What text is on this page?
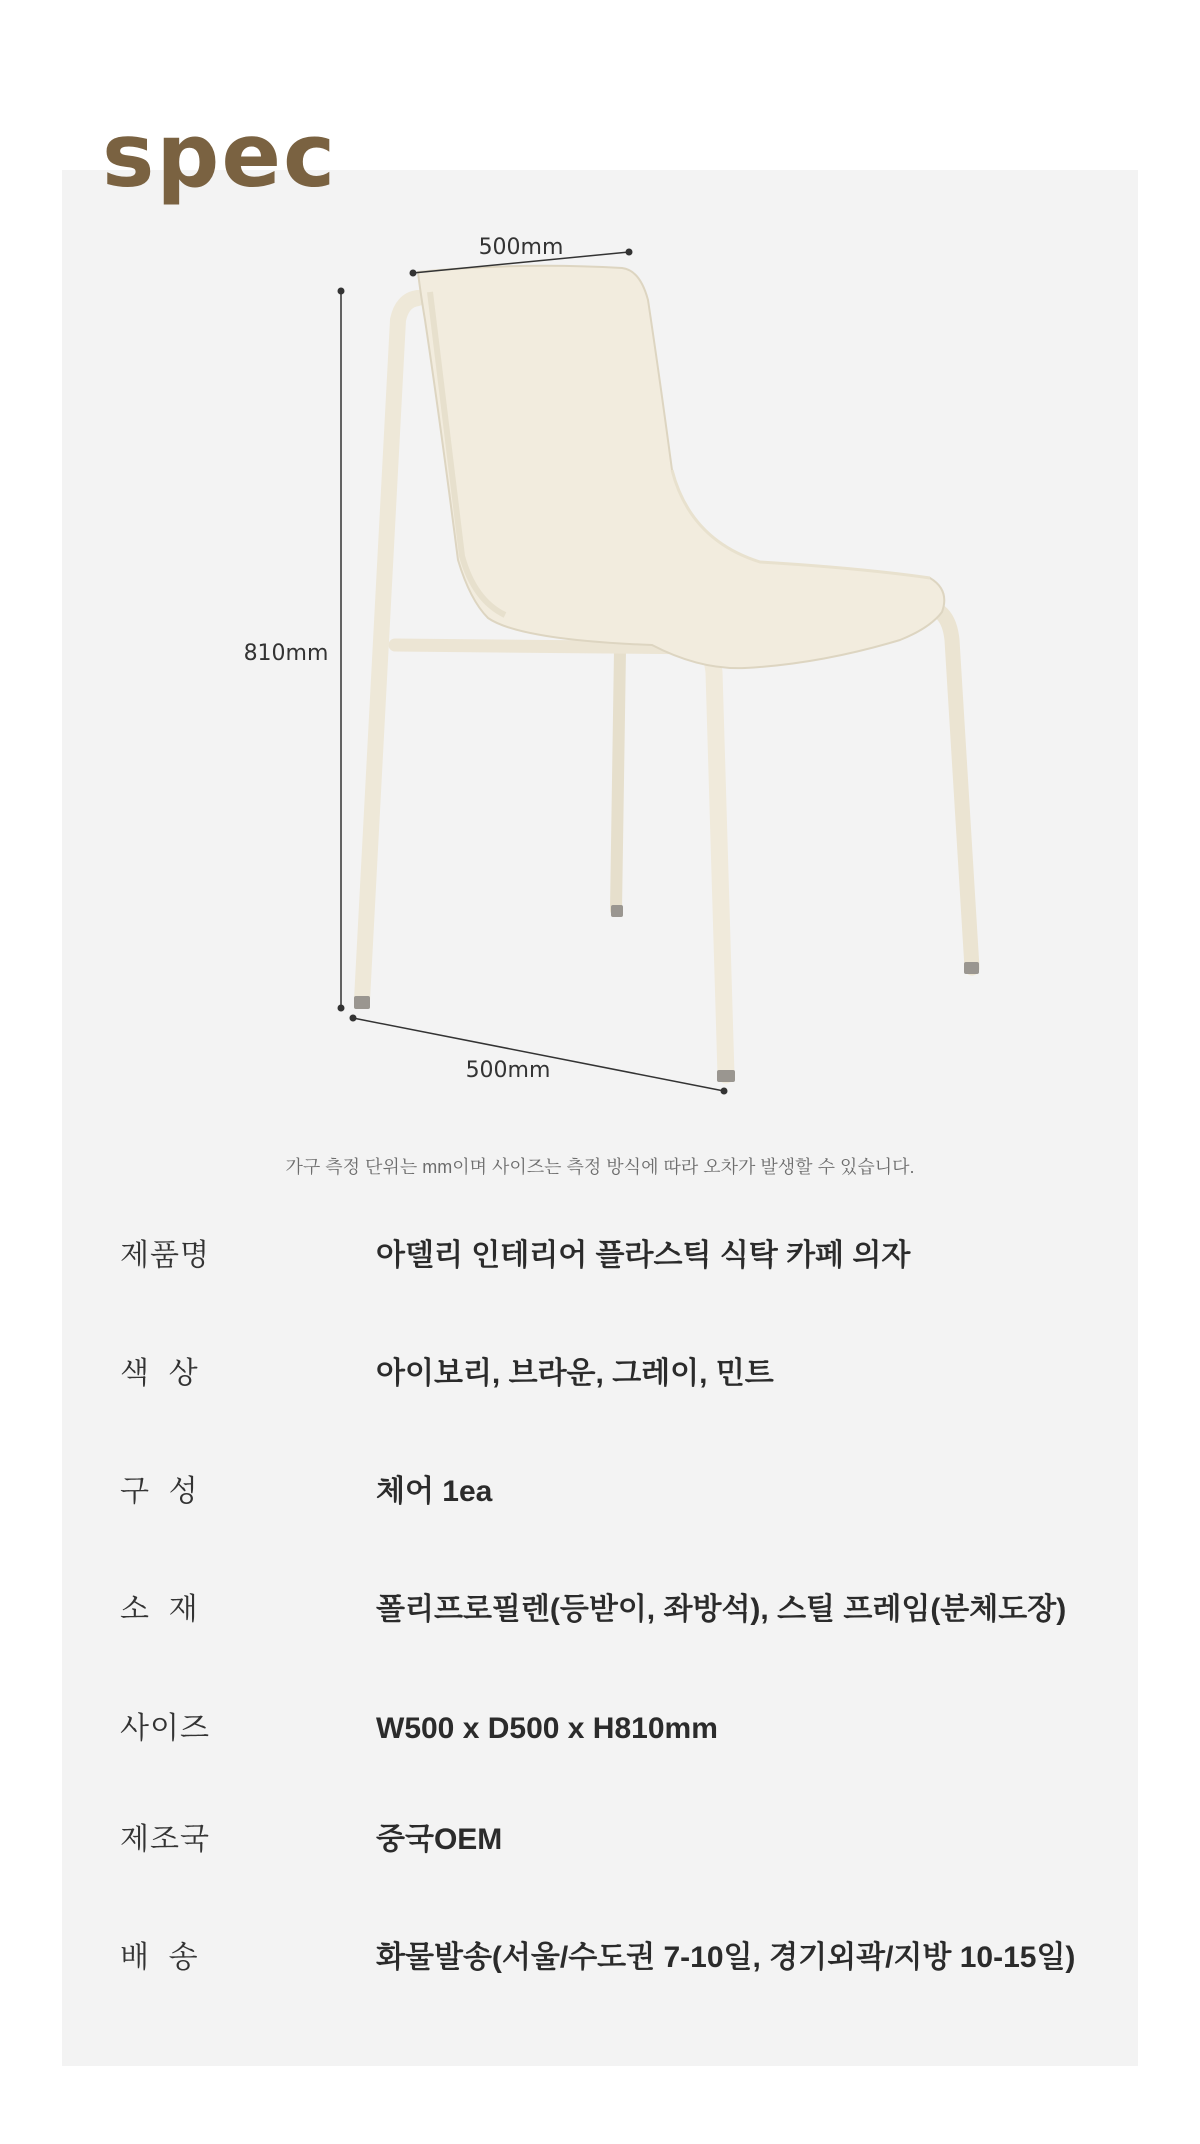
spec
500mm
810mm
500mm

가구 측정 단위는 mm이며 사이즈는 측정 방식에 따라 오차가 발생할 수 있습니다.

제품명	아델리 인테리어 플라스틱 식탁 카페 의자
색  상	아이보리, 브라운, 그레이, 민트
구  성	체어 1ea
소  재	폴리프로필렌(등받이, 좌방석), 스틸 프레임(분체도장)
사이즈	W500 x D500 x H810mm
제조국	중국OEM
배  송	화물발송(서울/수도권 7-10일, 경기외곽/지방 10-15일)
